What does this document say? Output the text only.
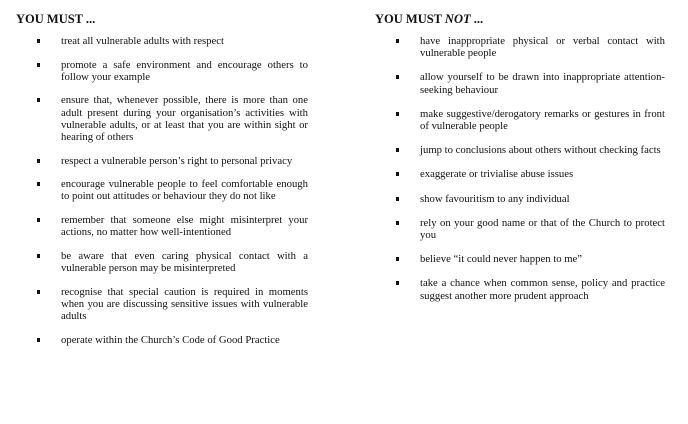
YOU MUST ...
treat all vulnerable adults with respect
promote a safe environment and encourage others to follow your example
ensure that, whenever possible, there is more than one adult present during your organisation’s activities with vulnerable adults, or at least that you are within sight or hearing of others
respect a vulnerable person’s right to personal privacy
encourage vulnerable people to feel comfortable enough to point out attitudes or behaviour they do not like
remember that someone else might misinterpret your actions, no matter how well-intentioned
be aware that even caring physical contact with a vulnerable person may be misinterpreted
recognise that special caution is required in moments when you are discussing sensitive issues with vulnerable adults
operate within the Church’s Code of Good Practice
YOU MUST NOT ...
have inappropriate physical or verbal contact with vulnerable people
allow yourself to be drawn into inappropriate attention-seeking behaviour
make suggestive/derogatory remarks or gestures in front of vulnerable people
jump to conclusions about others without checking facts
exaggerate or trivialise abuse issues
show favouritism to any individual
rely on your good name or that of the Church to protect you
believe “it could never happen to me”
take a chance when common sense, policy and practice suggest another more prudent approach
